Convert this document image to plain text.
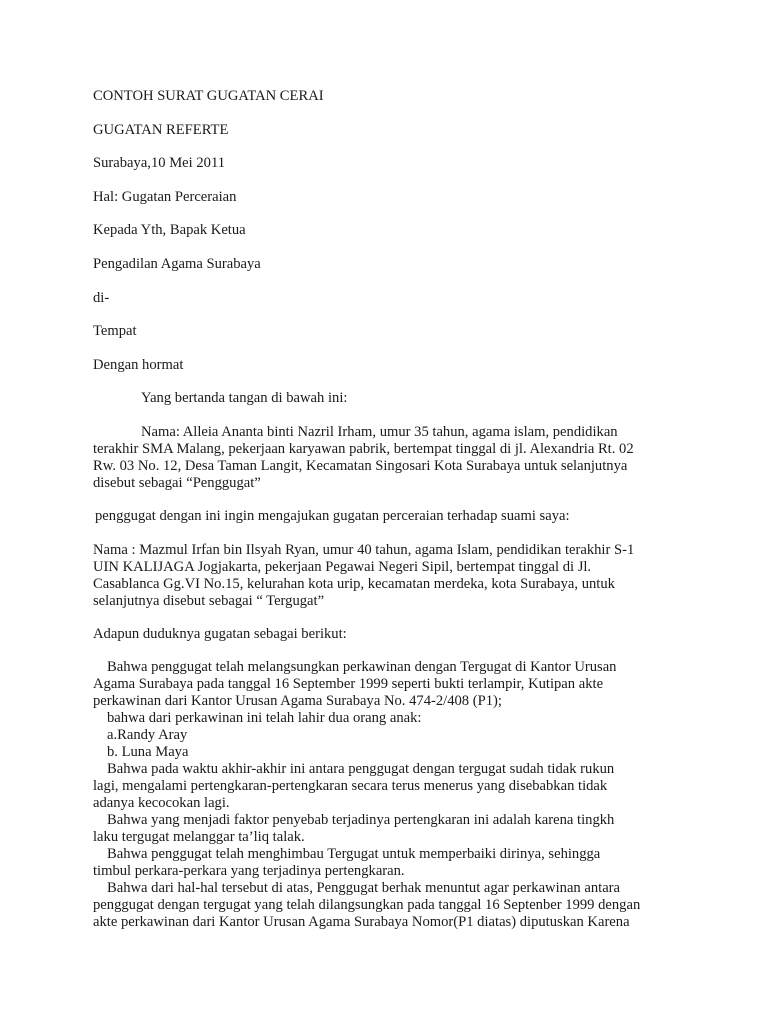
CONTOH SURAT GUGATAN CERAI
GUGATAN REFERTE
Surabaya,10 Mei 2011
Hal: Gugatan Perceraian
Kepada Yth, Bapak Ketua
Pengadilan Agama Surabaya
di-
Tempat
Dengan hormat
Yang bertanda tangan di bawah ini:
Nama: Alleia Ananta binti Nazril Irham, umur 35 tahun, agama islam, pendidikan
terakhir SMA Malang, pekerjaan karyawan pabrik, bertempat tinggal di jl. Alexandria Rt. 02
Rw. 03 No. 12, Desa Taman Langit, Kecamatan Singosari Kota Surabaya untuk selanjutnya
disebut sebagai “Penggugat”
penggugat dengan ini ingin mengajukan gugatan perceraian terhadap suami saya:
Nama : Mazmul Irfan bin Ilsyah Ryan, umur 40 tahun, agama Islam, pendidikan terakhir S-1
UIN KALIJAGA Jogjakarta, pekerjaan Pegawai Negeri Sipil, bertempat tinggal di Jl.
Casablanca Gg.VI No.15, kelurahan kota urip, kecamatan merdeka, kota Surabaya, untuk
selanjutnya disebut sebagai “ Tergugat”
Adapun duduknya gugatan sebagai berikut:
Bahwa penggugat telah melangsungkan perkawinan dengan Tergugat di Kantor Urusan
Agama Surabaya pada tanggal 16 September 1999 seperti bukti terlampir, Kutipan akte
perkawinan dari Kantor Urusan Agama Surabaya No. 474-2/408 (P1);
bahwa dari perkawinan ini telah lahir dua orang anak:
a.Randy Aray
b. Luna Maya
Bahwa pada waktu akhir-akhir ini antara penggugat dengan tergugat sudah tidak rukun
lagi, mengalami pertengkaran-pertengkaran secara terus menerus yang disebabkan tidak
adanya kecocokan lagi.
Bahwa yang menjadi faktor penyebab terjadinya pertengkaran ini adalah karena tingkh
laku tergugat melanggar ta’liq talak.
Bahwa penggugat telah menghimbau Tergugat untuk memperbaiki dirinya, sehingga
timbul perkara-perkara yang terjadinya pertengkaran.
Bahwa dari hal-hal tersebut di atas, Penggugat berhak menuntut agar perkawinan antara
penggugat dengan tergugat yang telah dilangsungkan pada tanggal 16 Septenber 1999 dengan
akte perkawinan dari Kantor Urusan Agama Surabaya Nomor(P1 diatas) diputuskan Karena
